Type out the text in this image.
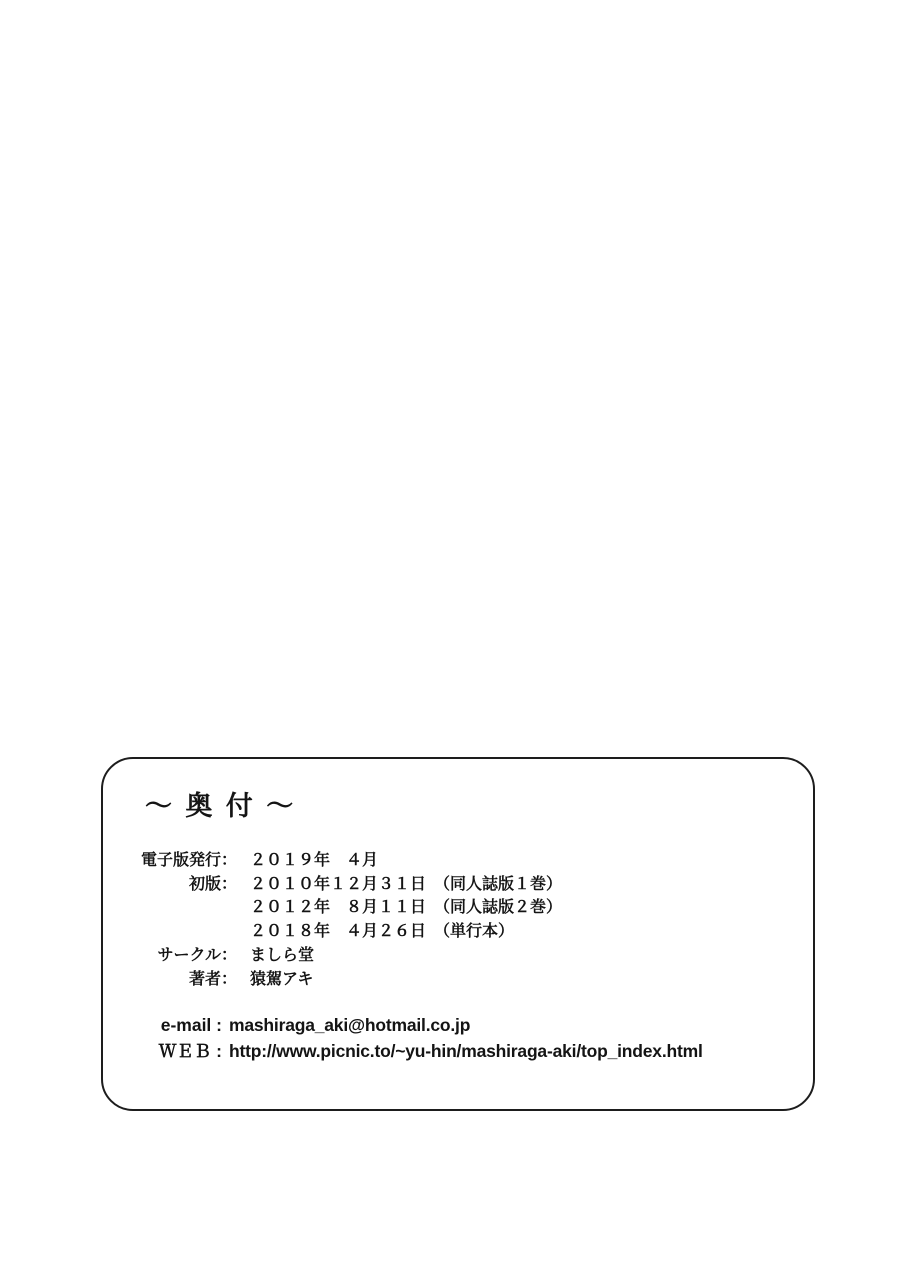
～ 奥 付 ～
電子版発行： ２０１９年　４月
初版： ２０１０年１２月３１日　（同人誌版１巻）
２０１２年　８月１１日　（同人誌版２巻）
２０１８年　４月２６日　（単行本）
サークル： ましら堂
著者： 猿駕アキ
e-mail : mashiraga_aki@hotmail.co.jp
ＷＥＢ : http://www.picnic.to/~yu-hin/mashiraga-aki/top_index.html
